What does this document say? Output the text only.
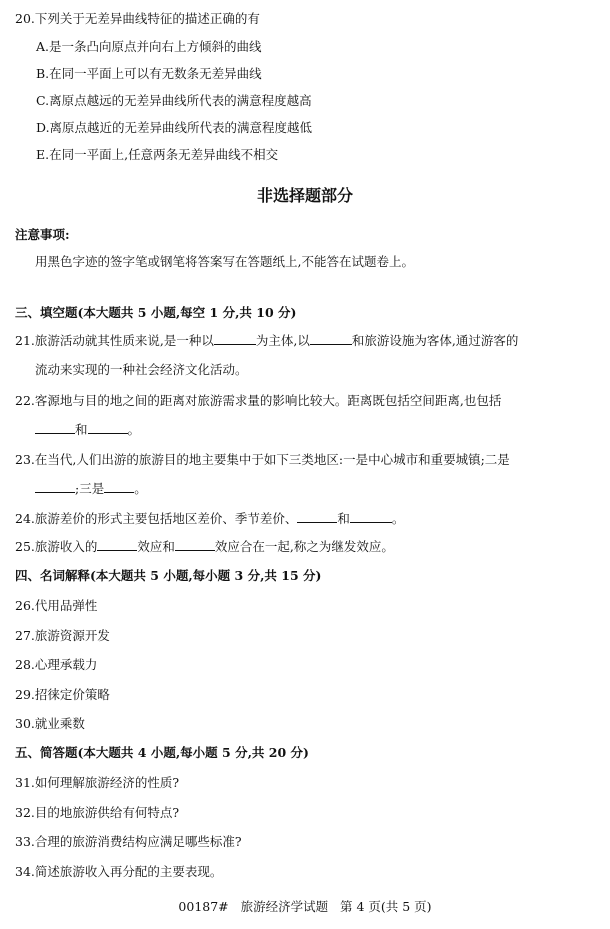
20.下列关于无差异曲线特征的描述正确的有
A.是一条凸向原点并向右上方倾斜的曲线
B.在同一平面上可以有无数条无差异曲线
C.离原点越远的无差异曲线所代表的满意程度越高
D.离原点越近的无差异曲线所代表的满意程度越低
E.在同一平面上,任意两条无差异曲线不相交
非选择题部分
注意事项:
用黑色字迹的签字笔或钢笔将答案写在答题纸上,不能答在试题卷上。
三、填空题(本大题共 5 小题,每空 1 分,共 10 分)
21.旅游活动就其性质来说,是一种以	为主体,以	和旅游设施为客体,通过游客的
流动来实现的一种社会经济文化活动。
22.客源地与目的地之间的距离对旅游需求量的影响比较大。距离既包括空间距离,也包括
和	。
23.在当代,人们出游的旅游目的地主要集中于如下三类地区:一是中心城市和重要城镇;二是
;三是 。
24.旅游差价的形式主要包括地区差价、季节差价、	和	。
25.旅游收入的	效应和	效应合在一起,称之为继发效应。
四、名词解释(本大题共 5 小题,每小题 3 分,共 15 分)
26.代用品弹性
27.旅游资源开发
28.心理承载力
29.招徕定价策略
30.就业乘数
五、简答题(本大题共 4 小题,每小题 5 分,共 20 分)
31.如何理解旅游经济的性质?
32.目的地旅游供给有何特点?
33.合理的旅游消费结构应满足哪些标准?
34.简述旅游收入再分配的主要表现。
00187#   旅游经济学试题   第 4 页(共 5 页)
